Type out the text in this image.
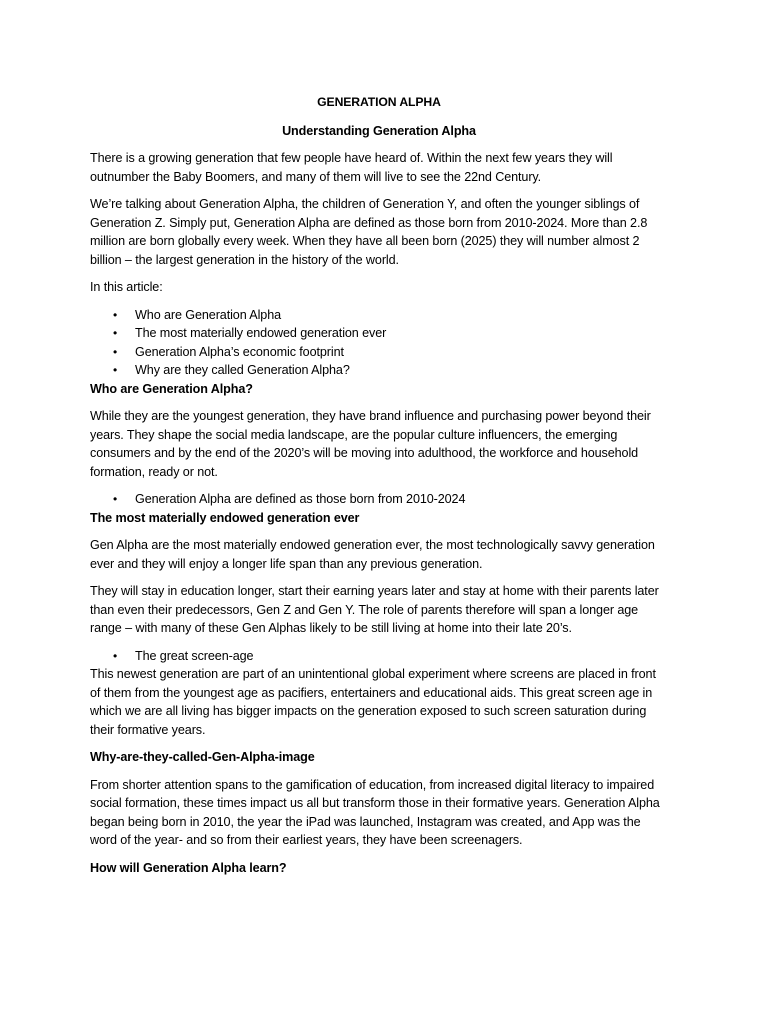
GENERATION ALPHA
Understanding Generation Alpha

There is a growing generation that few people have heard of. Within the next few years they will outnumber the Baby Boomers, and many of them will live to see the 22nd Century.

We’re talking about Generation Alpha, the children of Generation Y, and often the younger siblings of Generation Z. Simply put, Generation Alpha are defined as those born from 2010-2024. More than 2.8 million are born globally every week. When they have all been born (2025) they will number almost 2 billion – the largest generation in the history of the world.

In this article:

• Who are Generation Alpha
• The most materially endowed generation ever
• Generation Alpha’s economic footprint
• Why are they called Generation Alpha?
Who are Generation Alpha?

While they are the youngest generation, they have brand influence and purchasing power beyond their years. They shape the social media landscape, are the popular culture influencers, the emerging consumers and by the end of the 2020’s will be moving into adulthood, the workforce and household formation, ready or not.

• Generation Alpha are defined as those born from 2010-2024
The most materially endowed generation ever

Gen Alpha are the most materially endowed generation ever, the most technologically savvy generation ever and they will enjoy a longer life span than any previous generation.

They will stay in education longer, start their earning years later and stay at home with their parents later than even their predecessors, Gen Z and Gen Y. The role of parents therefore will span a longer age range – with many of these Gen Alphas likely to be still living at home into their late 20’s.

• The great screen-age

This newest generation are part of an unintentional global experiment where screens are placed in front of them from the youngest age as pacifiers, entertainers and educational aids. This great screen age in which we are all living has bigger impacts on the generation exposed to such screen saturation during their formative years.

Why-are-they-called-Gen-Alpha-image

From shorter attention spans to the gamification of education, from increased digital literacy to impaired social formation, these times impact us all but transform those in their formative years. Generation Alpha began being born in 2010, the year the iPad was launched, Instagram was created, and App was the word of the year- and so from their earliest years, they have been screenagers.

How will Generation Alpha learn?
